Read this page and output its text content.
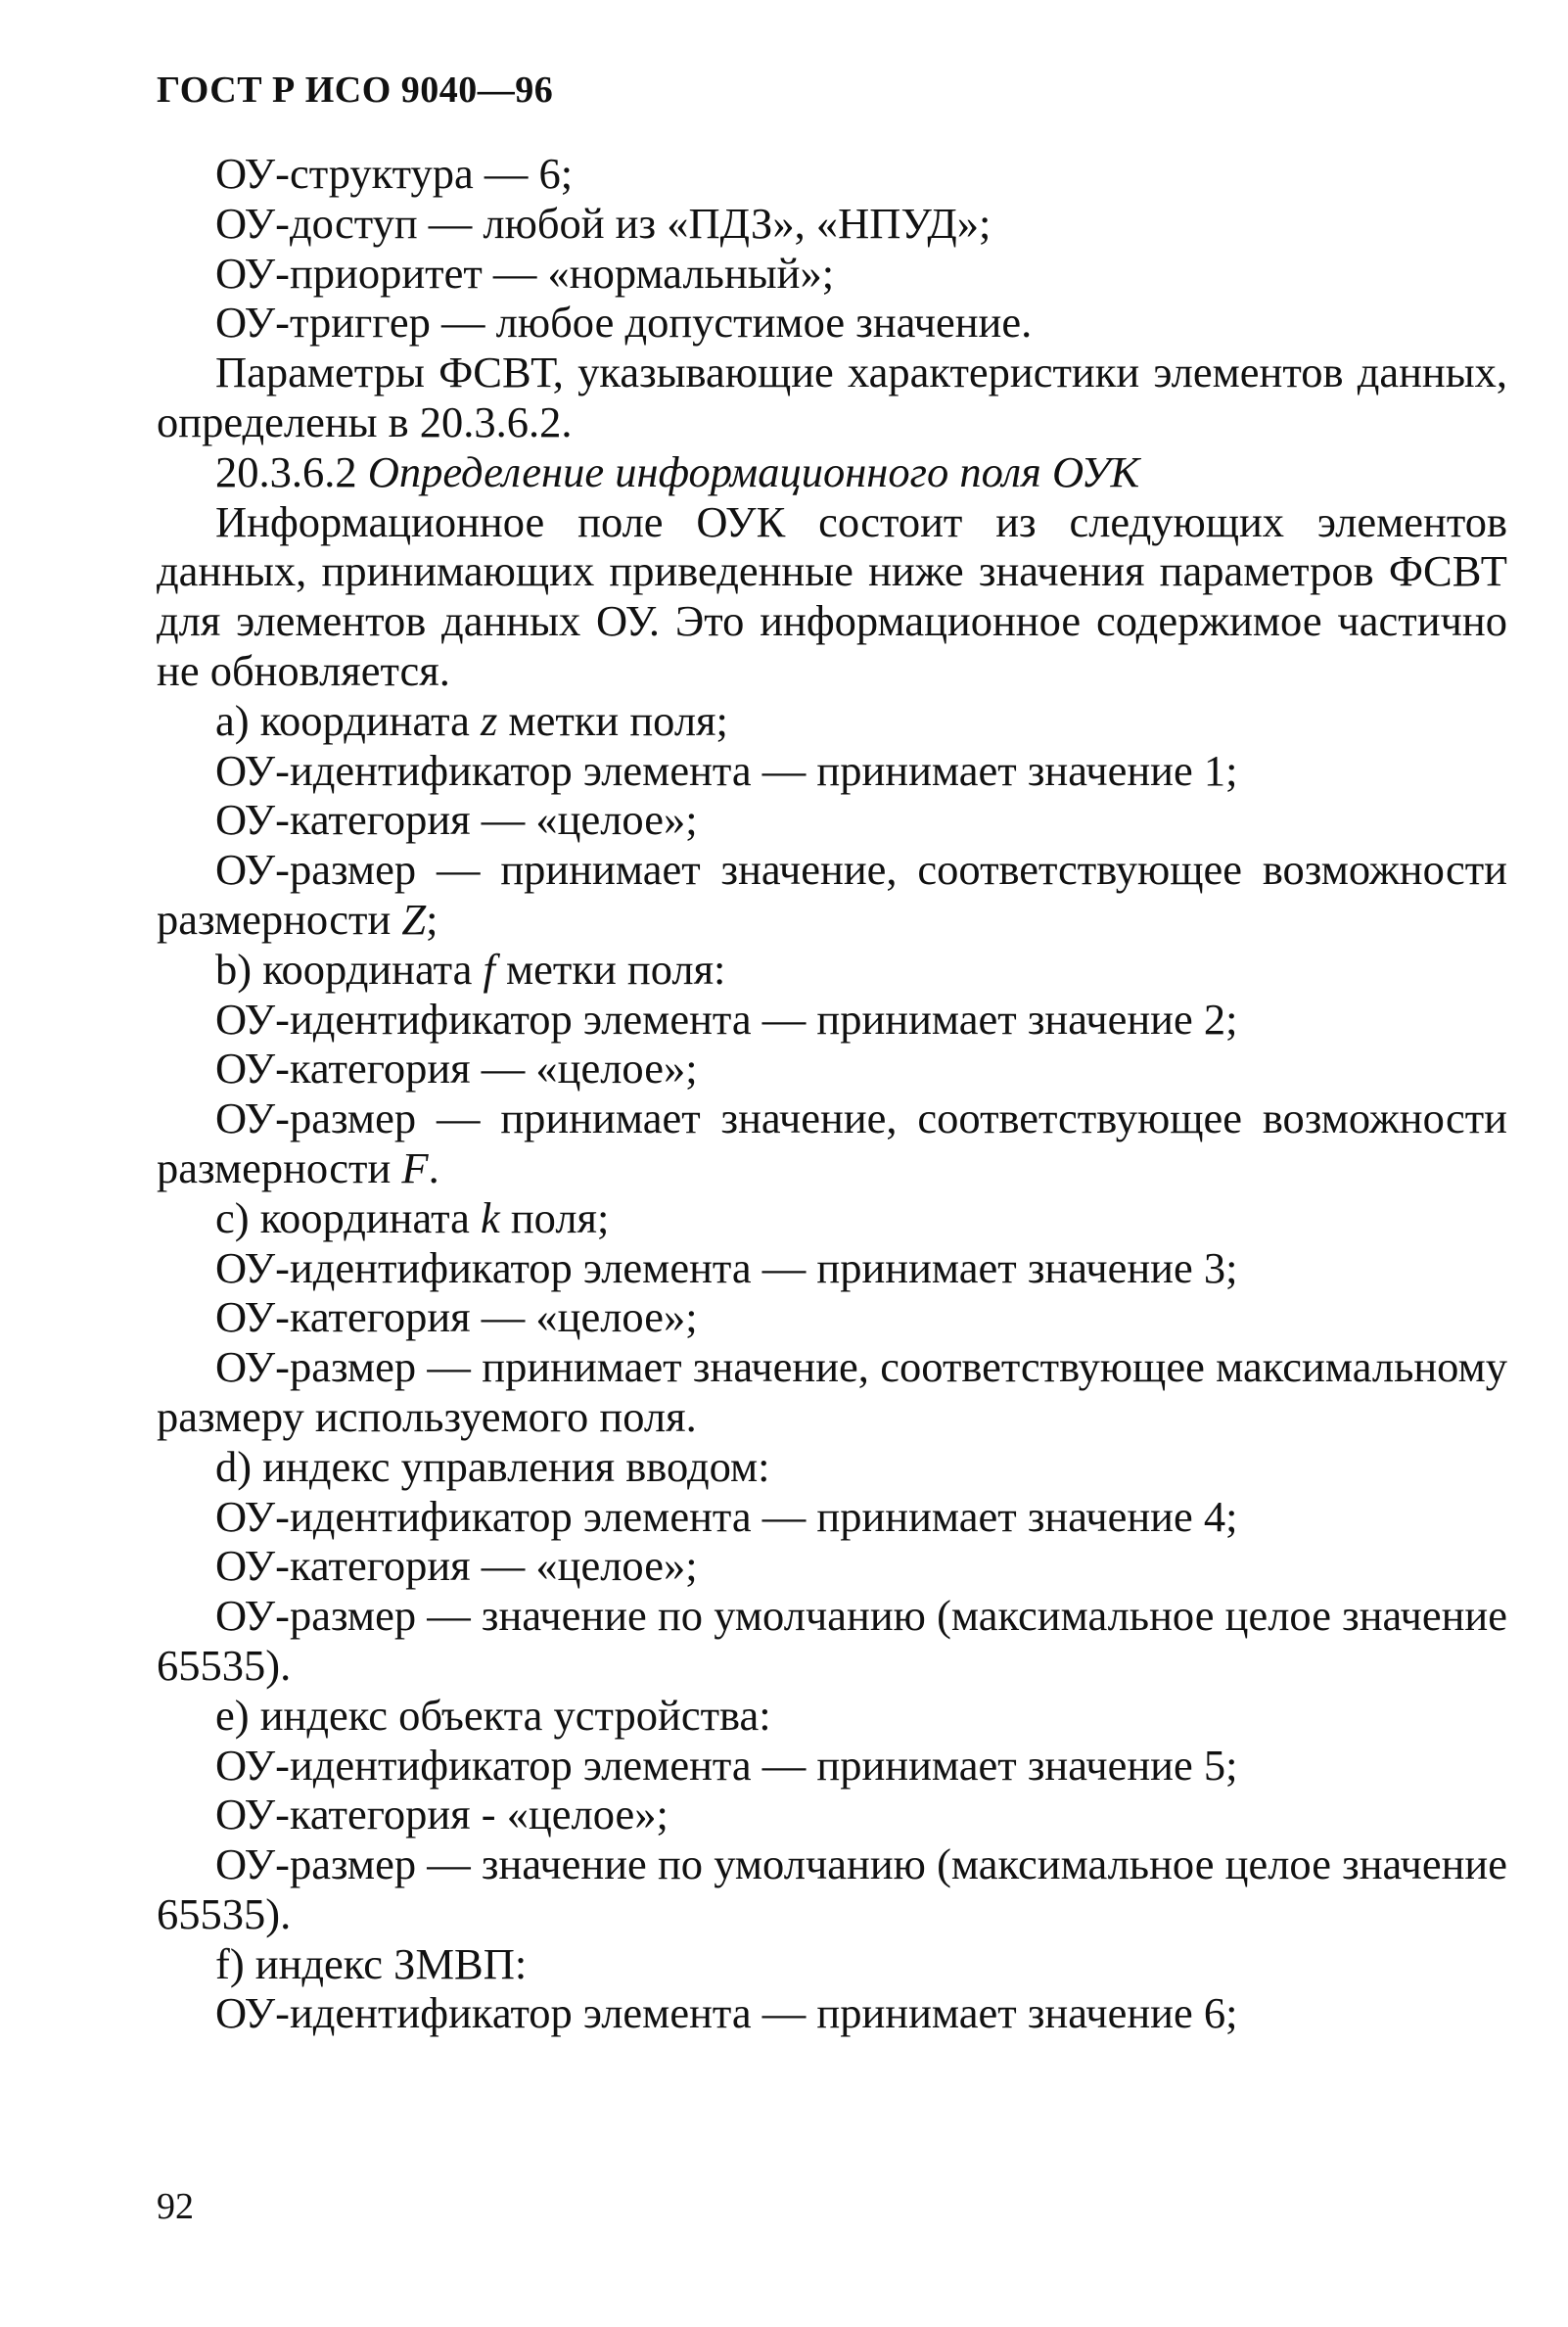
ГОСТ Р ИСО 9040—96

ОУ-структура — 6;

ОУ-доступ — любой из «ПДЗ», «НПУД»;

ОУ-приоритет — «нормальный»;

ОУ-триггер — любое допустимое значение.

Параметры ФСВТ, указывающие характеристики элементов данных, определены в 20.3.6.2.

20.3.6.2 Определение информационного поля ОУК

Информационное поле ОУК состоит из следующих элементов данных, принимающих приведенные ниже значения параметров ФСВТ для элементов данных ОУ. Это информационное содержимое частично не обновляется.

a) координата z метки поля;

ОУ-идентификатор элемента — принимает значение 1;

ОУ-категория — «целое»;

ОУ-размер — принимает значение, соответствующее возможности размерности Z;

b) координата f метки поля:

ОУ-идентификатор элемента — принимает значение 2;

ОУ-категория — «целое»;

ОУ-размер — принимает значение, соответствующее возможности размерности F.

c) координата k поля;

ОУ-идентификатор элемента — принимает значение 3;

ОУ-категория — «целое»;

ОУ-размер — принимает значение, соответствующее максимальному размеру используемого поля.

d) индекс управления вводом:

ОУ-идентификатор элемента — принимает значение 4;

ОУ-категория — «целое»;

ОУ-размер — значение по умолчанию (максимальное целое значение 65535).

e) индекс объекта устройства:

ОУ-идентификатор элемента — принимает значение 5;

ОУ-категория - «целое»;

ОУ-размер — значение по умолчанию (максимальное целое значение 65535).

f) индекс ЗМВП:

ОУ-идентификатор элемента — принимает значение 6;

92
